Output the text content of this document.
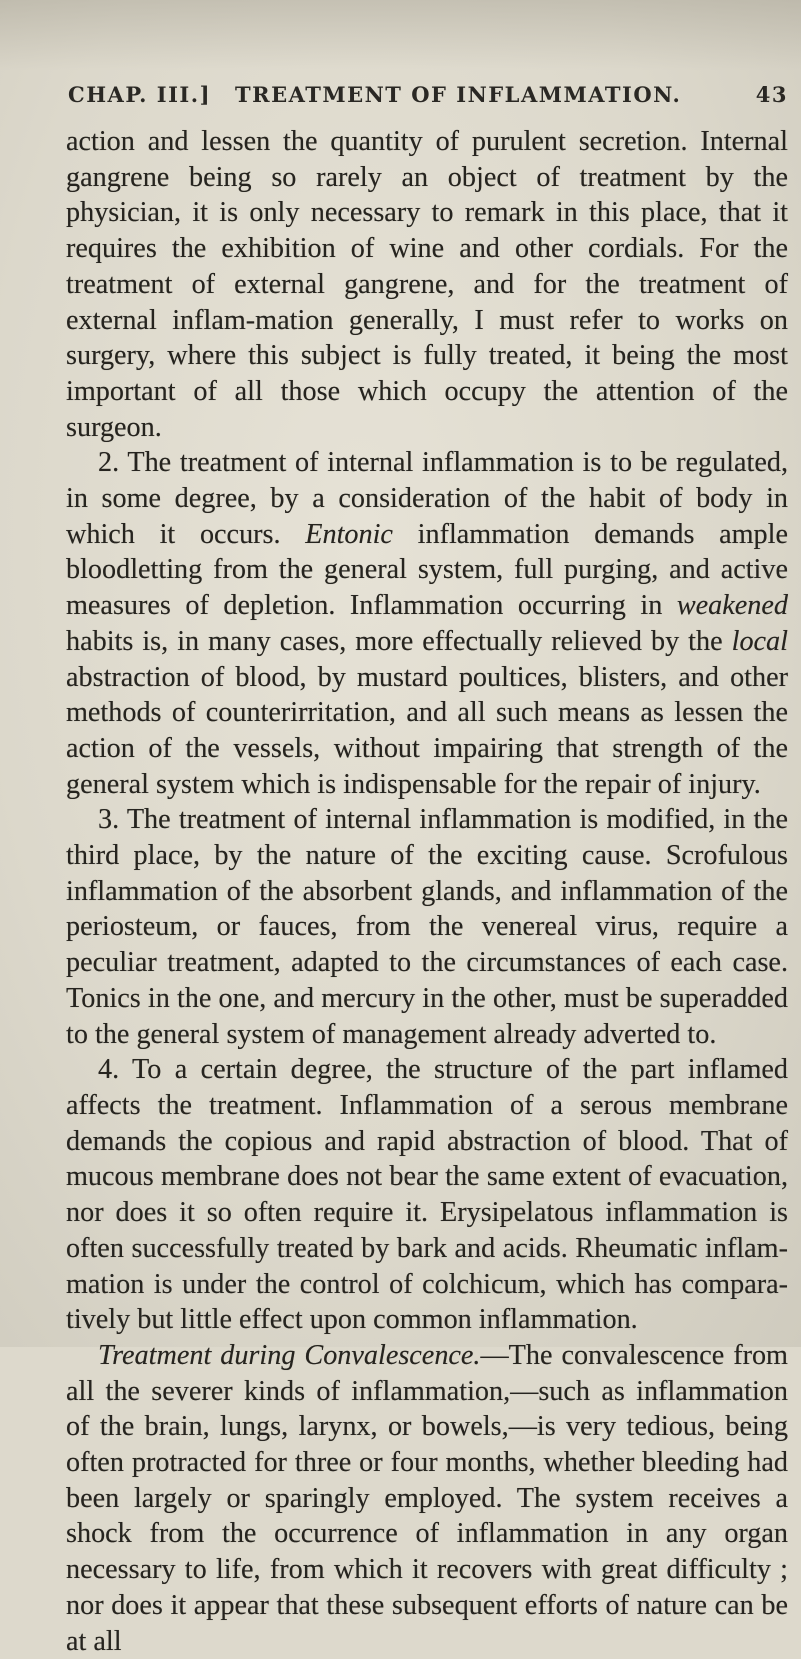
CHAP. III.] TREATMENT OF INFLAMMATION.	43

action and lessen the quantity of purulent secretion. Internal gangrene being so rarely an object of treatment by the physician, it is only necessary to remark in this place, that it requires the exhibition of wine and other cordials. For the treatment of external gangrene, and for the treatment of external inflam-mation generally, I must refer to works on surgery, where this subject is fully treated, it being the most important of all those which occupy the attention of the surgeon.

2. The treatment of internal inflammation is to be regulated, in some degree, by a consideration of the habit of body in which it occurs. Entonic inflammation demands ample bloodletting from the general system, full purging, and active measures of depletion. Inflammation occurring in weakened habits is, in many cases, more effectually relieved by the local abstraction of blood, by mustard poultices, blisters, and other methods of counterirritation, and all such means as lessen the action of the vessels, without impairing that strength of the general system which is indispensable for the repair of injury.

3. The treatment of internal inflammation is modified, in the third place, by the nature of the exciting cause. Scrofulous inflammation of the absorbent glands, and inflammation of the periosteum, or fauces, from the venereal virus, require a peculiar treatment, adapted to the circumstances of each case. Tonics in the one, and mercury in the other, must be superadded to the general system of management already adverted to.

4. To a certain degree, the structure of the part inflamed affects the treatment. Inflammation of a serous membrane demands the copious and rapid abstraction of blood. That of mucous membrane does not bear the same extent of evacuation, nor does it so often require it. Erysipelatous inflammation is often successfully treated by bark and acids. Rheumatic inflam-mation is under the control of colchicum, which has compara-tively but little effect upon common inflammation.

Treatment during Convalescence.—The convalescence from all the severer kinds of inflammation,—such as inflammation of the brain, lungs, larynx, or bowels,—is very tedious, being often protracted for three or four months, whether bleeding had been largely or sparingly employed. The system receives a shock from the occurrence of inflammation in any organ necessary to life, from which it recovers with great difficulty ; nor does it appear that these subsequent efforts of nature can be at all
